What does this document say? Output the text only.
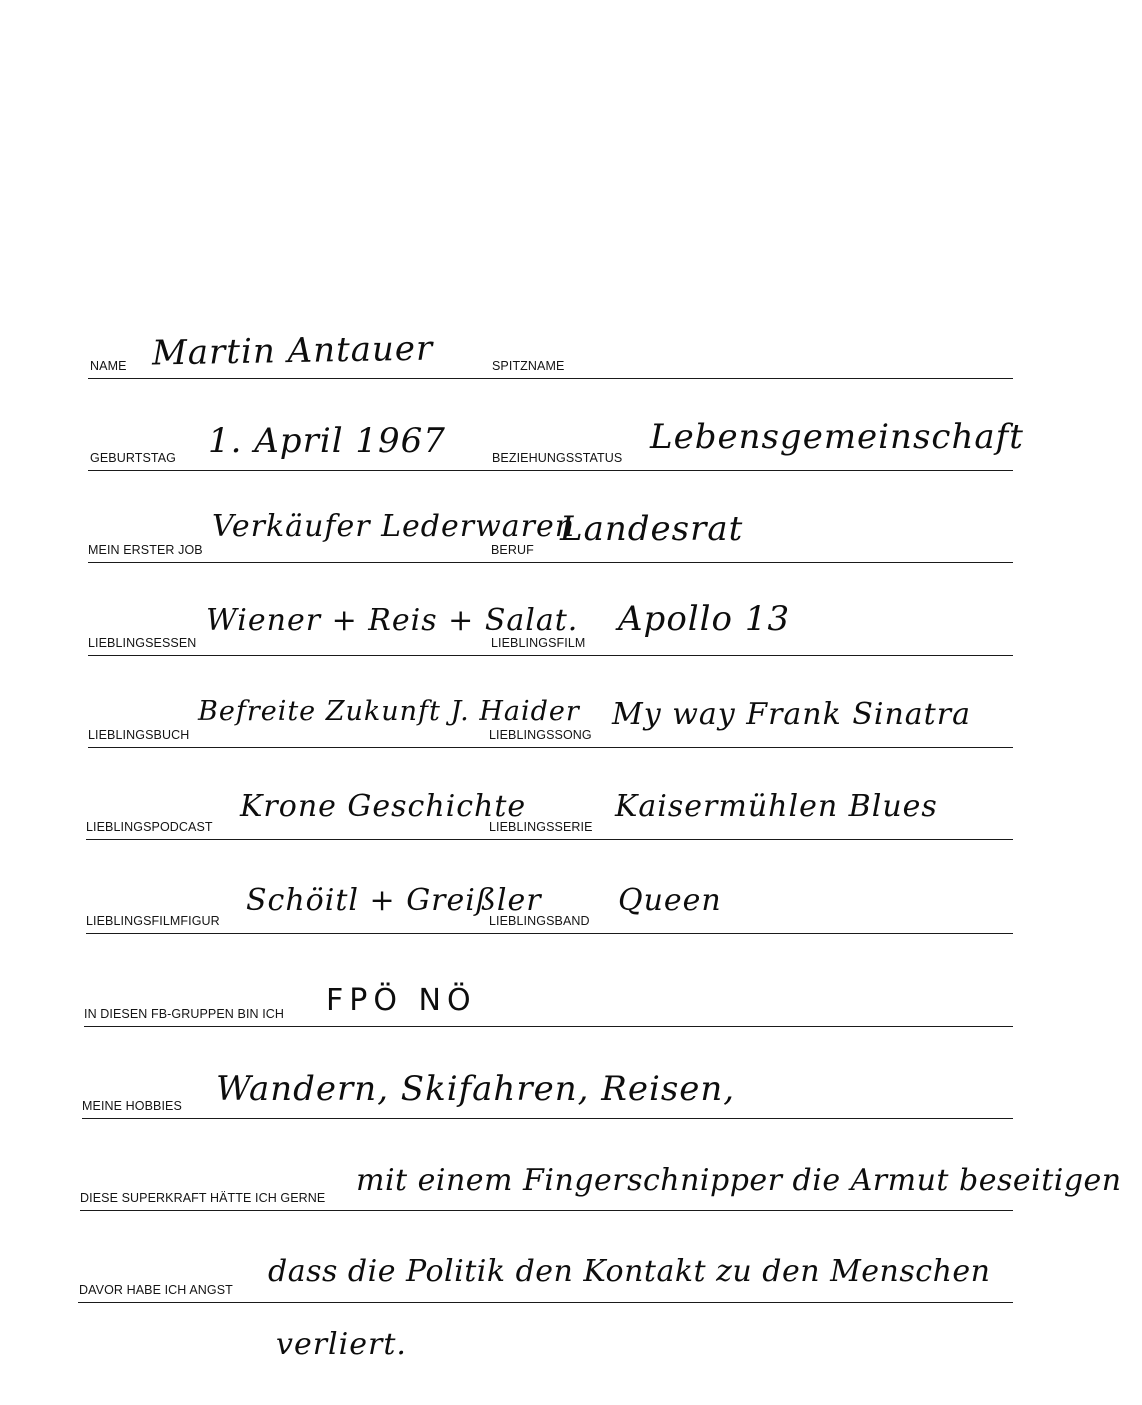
NAME Martin Antauer	SPITZNAME
GEBURTSTAG 1. April 1967	BEZIEHUNGSSTATUS
Lebensgemeinschaft
MEIN ERSTER JOB
Verkäufer Lederwaren
BERUF
Landesrat
LIEBLINGSESSEN
Wiener + Reis + Salat.
LIEBLINGSFILM
Apollo 13
LIEBLINGSBUCH
Befreite Zukunft J. Haider
LIEBLINGSSONG
My way Frank Sinatra
LIEBLINGSPODCAST
Krone Geschichte
LIEBLINGSSERIE
Kaisermühlen Blues
LIEBLINGSFILMFIGUR
Schöitl + Greißler
LIEBLINGSBAND
Queen
IN DIESEN FB-GRUPPEN BIN ICH FPÖ NÖ
MEINE HOBBIES Wandern, Skifahren, Reisen,
DIESE SUPERKRAFT HÄTTE ICH GERNE mit einem Fingerschnipper die Armut beseitigen
DAVOR HABE ICH ANGST
dass die Politik den Kontakt zu den Menschen
verliert.
